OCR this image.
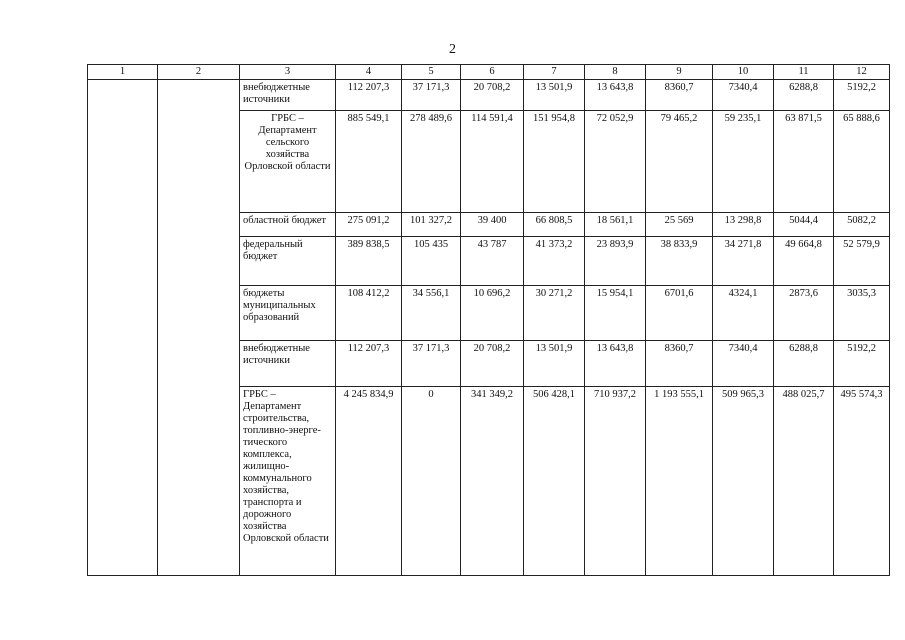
2
1	2	3	4	5	6	7	8	9	10	11	12
		внебюджетные источники	112 207,3	37 171,3	20 708,2	13 501,9	13 643,8	8360,7	7340,4	6288,8	5192,2
		ГРБС – Департамент сельского хозяйства Орловской области	885 549,1	278 489,6	114 591,4	151 954,8	72 052,9	79 465,2	59 235,1	63 871,5	65 888,6
		областной бюджет	275 091,2	101 327,2	39 400	66 808,5	18 561,1	25 569	13 298,8	5044,4	5082,2
		федеральный бюджет	389 838,5	105 435	43 787	41 373,2	23 893,9	38 833,9	34 271,8	49 664,8	52 579,9
		бюджеты муниципальных образований	108 412,2	34 556,1	10 696,2	30 271,2	15 954,1	6701,6	4324,1	2873,6	3035,3
		внебюджетные источники	112 207,3	37 171,3	20 708,2	13 501,9	13 643,8	8360,7	7340,4	6288,8	5192,2
		ГРБС – Департамент строительства, топливно-энерге-тического комплекса, жилищно-коммунального хозяйства, транспорта и дорожного хозяйства Орловской области	4 245 834,9	0	341 349,2	506 428,1	710 937,2	1 193 555,1	509 965,3	488 025,7	495 574,3
